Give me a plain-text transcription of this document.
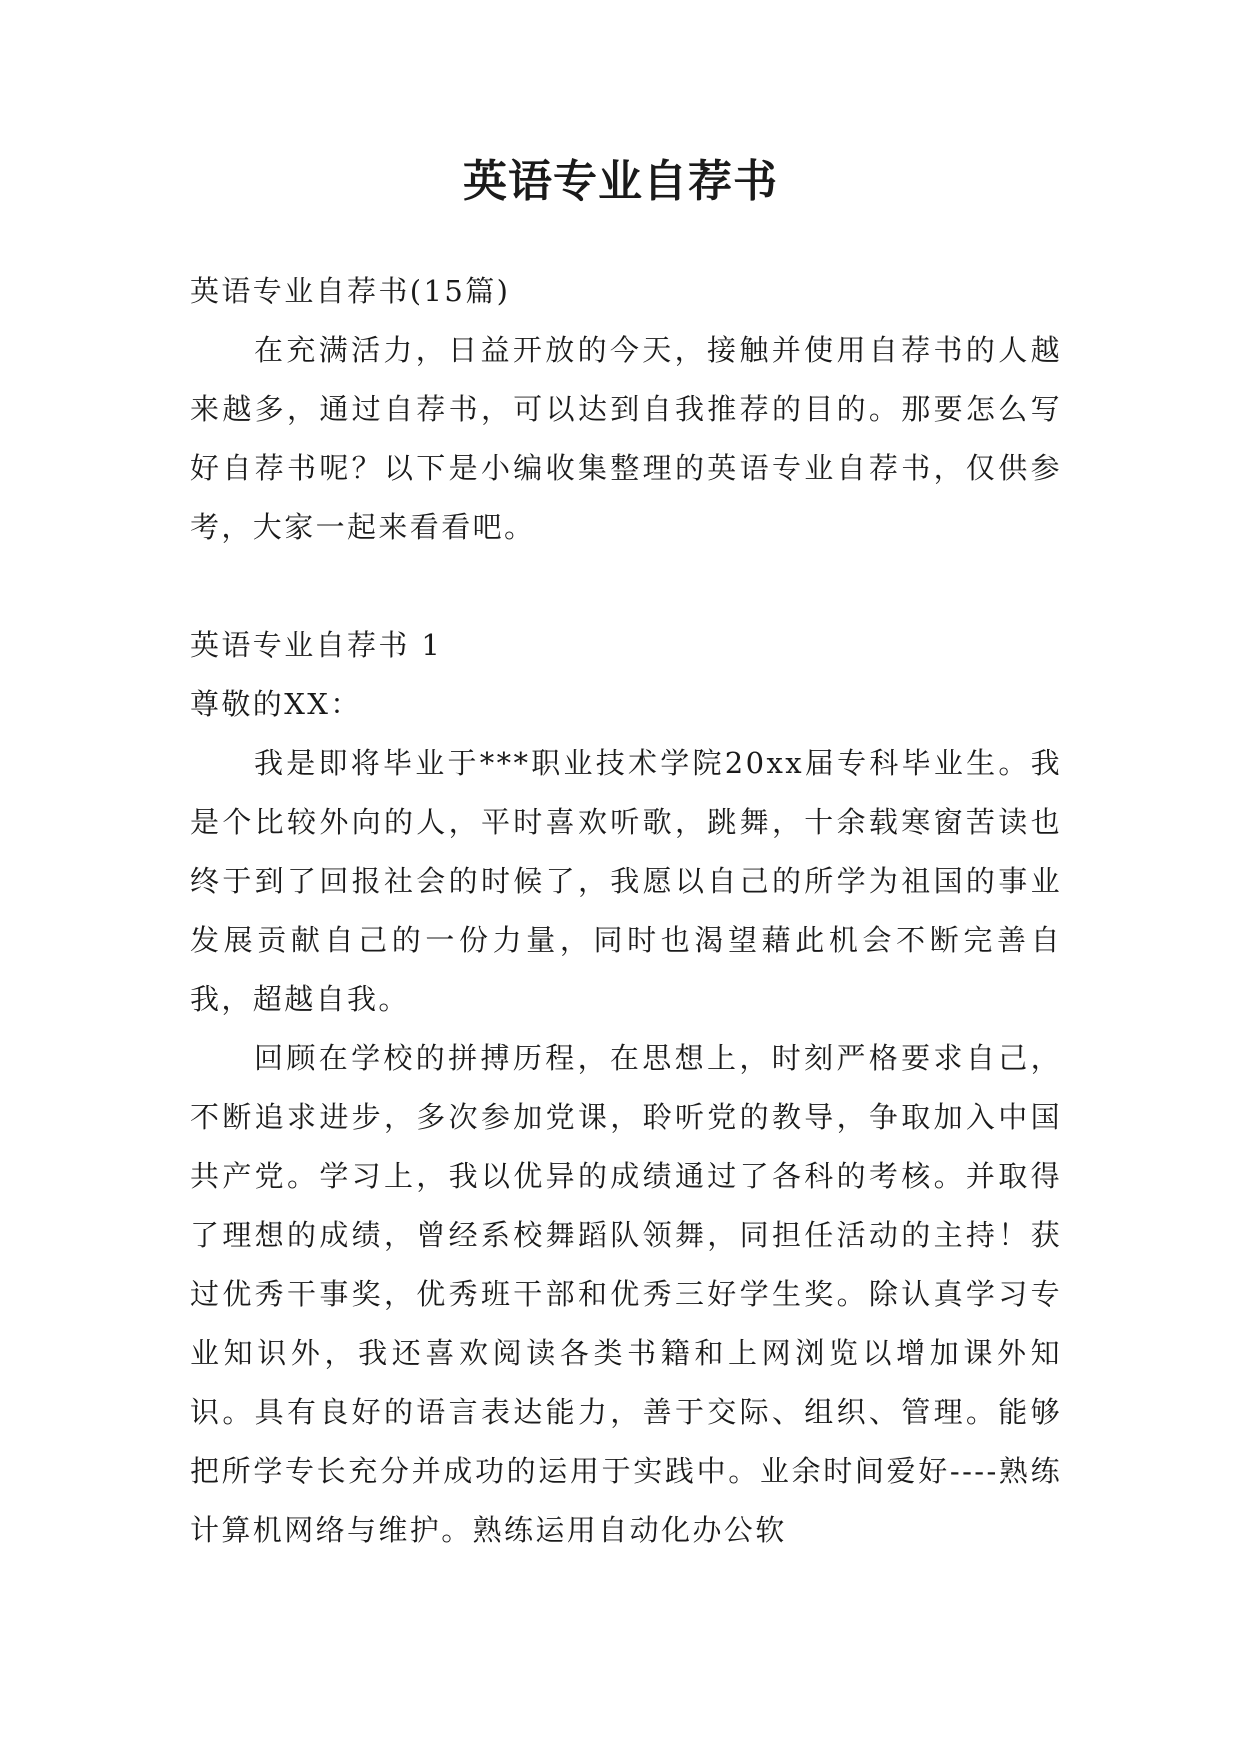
英语专业自荐书

英语专业自荐书(15篇)

在充满活力，日益开放的今天，接触并使用自荐书的人越来越多，通过自荐书，可以达到自我推荐的目的。那要怎么写好自荐书呢？以下是小编收集整理的英语专业自荐书，仅供参考，大家一起来看看吧。

英语专业自荐书 1

尊敬的XX：

我是即将毕业于***职业技术学院20xx届专科毕业生。我是个比较外向的人，平时喜欢听歌，跳舞，十余载寒窗苦读也终于到了回报社会的时候了，我愿以自己的所学为祖国的事业发展贡献自己的一份力量，同时也渴望藉此机会不断完善自我，超越自我。

回顾在学校的拼搏历程，在思想上，时刻严格要求自己，不断追求进步，多次参加党课，聆听党的教导，争取加入中国共产党。学习上，我以优异的成绩通过了各科的考核。并取得了理想的成绩，曾经系校舞蹈队领舞，同担任活动的主持！获过优秀干事奖，优秀班干部和优秀三好学生奖。除认真学习专业知识外，我还喜欢阅读各类书籍和上网浏览以增加课外知识。具有良好的语言表达能力，善于交际、组织、管理。能够把所学专长充分并成功的运用于实践中。业余时间爱好----熟练计算机网络与维护。熟练运用自动化办公软
